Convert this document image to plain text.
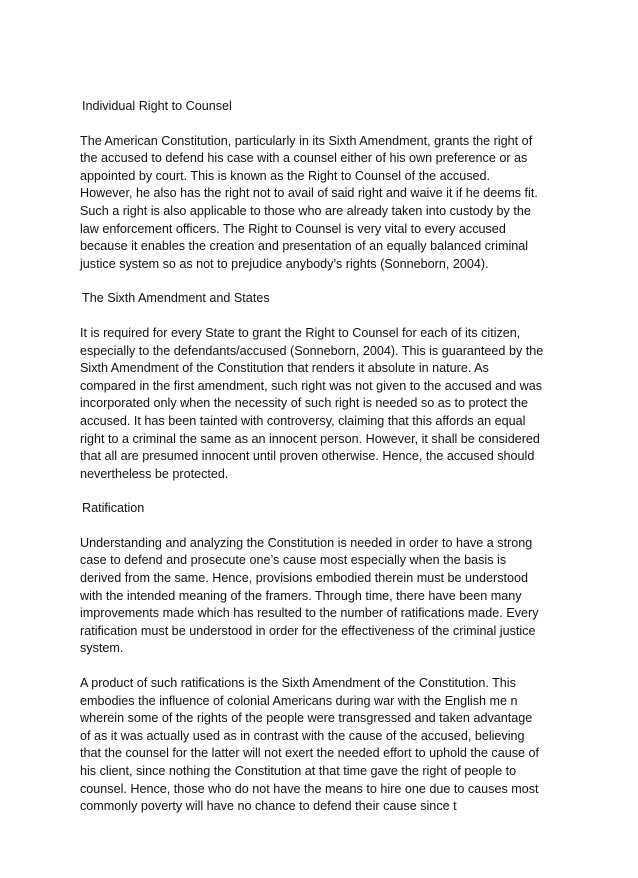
Individual Right to Counsel
The American Constitution, particularly in its Sixth Amendment, grants the right of
the accused to defend his case with a counsel either of his own preference or as
appointed by court. This is known as the Right to Counsel of the accused.
However, he also has the right not to avail of said right and waive it if he deems fit.
Such a right is also applicable to those who are already taken into custody by the
law enforcement officers. The Right to Counsel is very vital to every accused
because it enables the creation and presentation of an equally balanced criminal
justice system so as not to prejudice anybody’s rights (Sonneborn, 2004).
The Sixth Amendment and States
It is required for every State to grant the Right to Counsel for each of its citizen,
especially to the defendants/accused (Sonneborn, 2004). This is guaranteed by the
Sixth Amendment of the Constitution that renders it absolute in nature. As
compared in the first amendment, such right was not given to the accused and was
incorporated only when the necessity of such right is needed so as to protect the
accused. It has been tainted with controversy, claiming that this affords an equal
right to a criminal the same as an innocent person. However, it shall be considered
that all are presumed innocent until proven otherwise. Hence, the accused should
nevertheless be protected.
Ratification
Understanding and analyzing the Constitution is needed in order to have a strong
case to defend and prosecute one’s cause most especially when the basis is
derived from the same. Hence, provisions embodied therein must be understood
with the intended meaning of the framers. Through time, there have been many
improvements made which has resulted to the number of ratifications made. Every
ratification must be understood in order for the effectiveness of the criminal justice
system.
A product of such ratifications is the Sixth Amendment of the Constitution. This
embodies the influence of colonial Americans during war with the English me n
wherein some of the rights of the people were transgressed and taken advantage
of as it was actually used as in contrast with the cause of the accused, believing
that the counsel for the latter will not exert the needed effort to uphold the cause of
his client, since nothing the Constitution at that time gave the right of people to
counsel. Hence, those who do not have the means to hire one due to causes most
commonly poverty will have no chance to defend their cause since t
